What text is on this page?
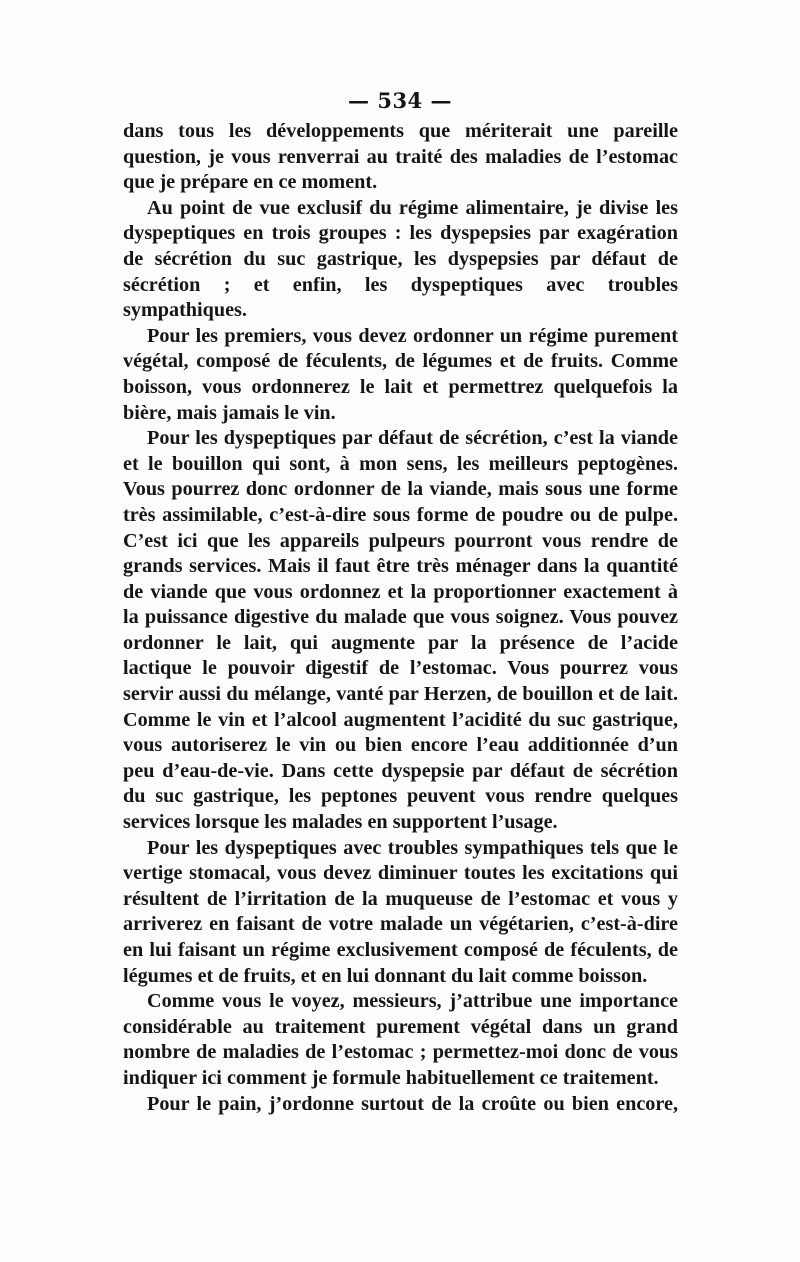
— 534 —

dans tous les développements que mériterait une pareille question, je vous renverrai au traité des maladies de l’estomac que je prépare en ce moment.

Au point de vue exclusif du régime alimentaire, je divise les dyspeptiques en trois groupes : les dyspepsies par exagération de sécrétion du suc gastrique, les dyspepsies par défaut de sécrétion ; et enfin, les dyspeptiques avec troubles sympathiques.

Pour les premiers, vous devez ordonner un régime purement végétal, composé de féculents, de légumes et de fruits. Comme boisson, vous ordonnerez le lait et permettrez quelquefois la bière, mais jamais le vin.

Pour les dyspeptiques par défaut de sécrétion, c’est la viande et le bouillon qui sont, à mon sens, les meilleurs peptogènes. Vous pourrez donc ordonner de la viande, mais sous une forme très assimilable, c’est-à-dire sous forme de poudre ou de pulpe. C’est ici que les appareils pulpeurs pourront vous rendre de grands services. Mais il faut être très ménager dans la quantité de viande que vous ordonnez et la proportionner exactement à la puissance digestive du malade que vous soignez. Vous pouvez ordonner le lait, qui augmente par la présence de l’acide lactique le pouvoir digestif de l’estomac. Vous pourrez vous servir aussi du mélange, vanté par Herzen, de bouillon et de lait. Comme le vin et l’alcool augmentent l’acidité du suc gastrique, vous autoriserez le vin ou bien encore l’eau additionnée d’un peu d’eau-de-vie. Dans cette dyspepsie par défaut de sécrétion du suc gastrique, les peptones peuvent vous rendre quelques services lorsque les malades en supportent l’usage.

Pour les dyspeptiques avec troubles sympathiques tels que le vertige stomacal, vous devez diminuer toutes les excitations qui résultent de l’irritation de la muqueuse de l’estomac et vous y arriverez en faisant de votre malade un végétarien, c’est-à-dire en lui faisant un régime exclusivement composé de féculents, de légumes et de fruits, et en lui donnant du lait comme boisson.

Comme vous le voyez, messieurs, j’attribue une importance considérable au traitement purement végétal dans un grand nombre de maladies de l’estomac ; permettez-moi donc de vous indiquer ici comment je formule habituellement ce traitement.

Pour le pain, j’ordonne surtout de la croûte ou bien encore,
